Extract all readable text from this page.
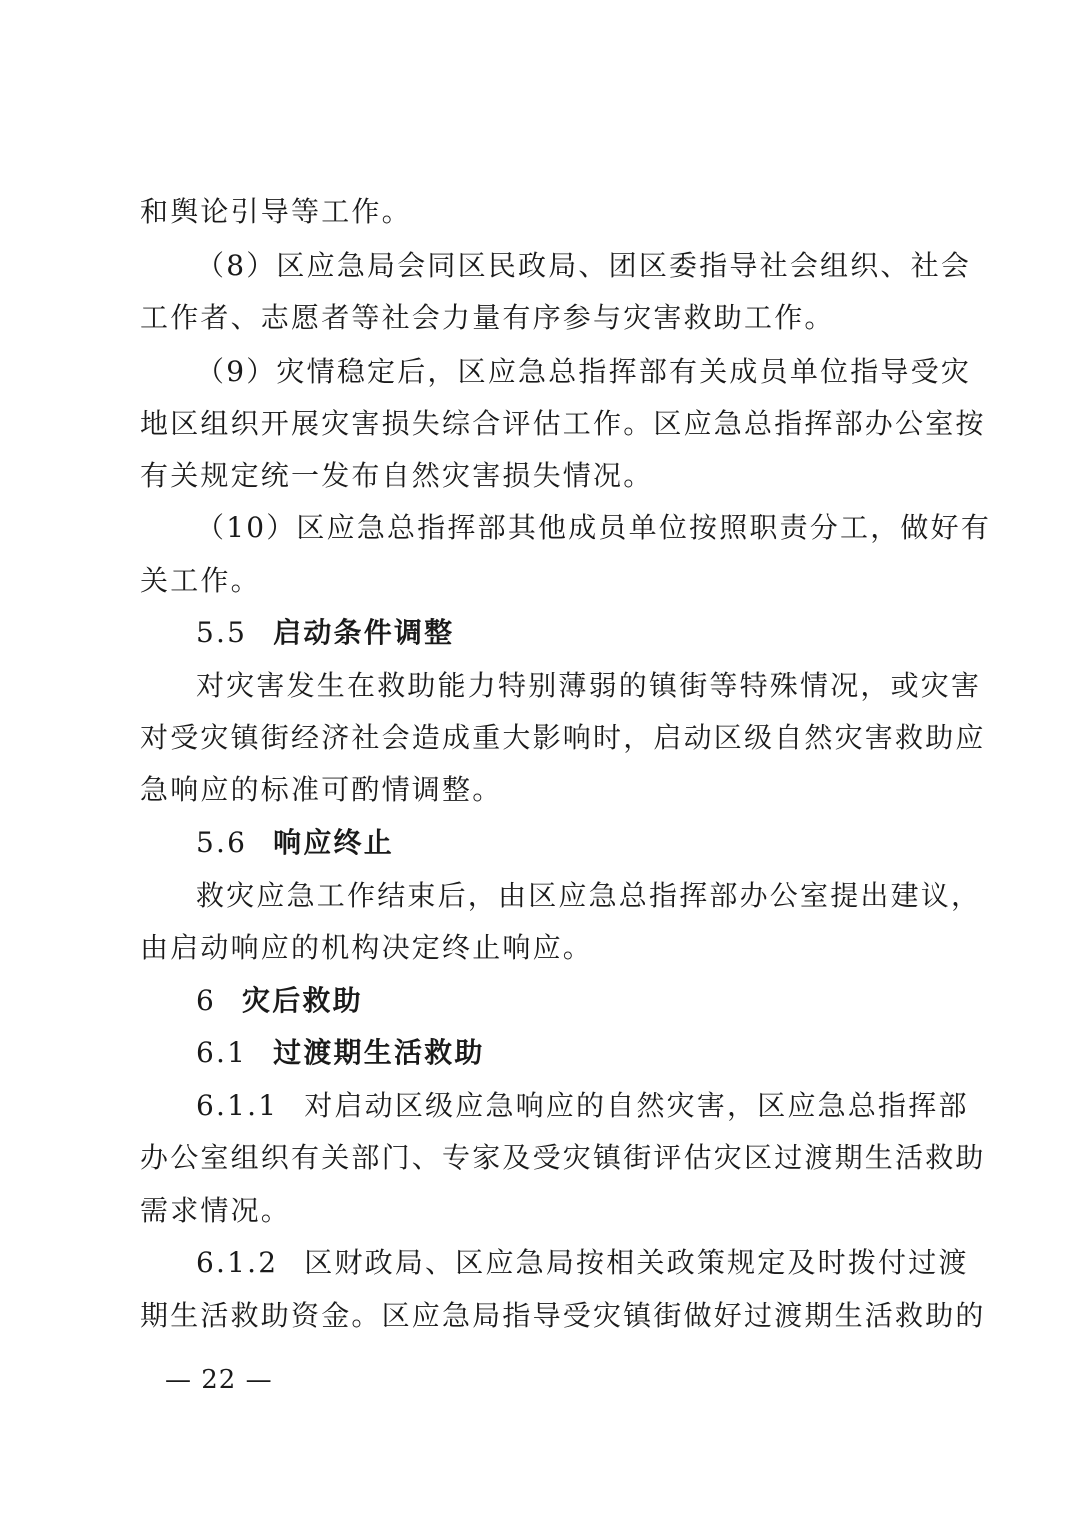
和舆论引导等工作。
（8）区应急局会同区民政局、团区委指导社会组织、社会
工作者、志愿者等社会力量有序参与灾害救助工作。
（9）灾情稳定后，区应急总指挥部有关成员单位指导受灾
地区组织开展灾害损失综合评估工作。区应急总指挥部办公室按
有关规定统一发布自然灾害损失情况。
（10）区应急总指挥部其他成员单位按照职责分工，做好有
关工作。
5.5 启动条件调整
对灾害发生在救助能力特别薄弱的镇街等特殊情况，或灾害
对受灾镇街经济社会造成重大影响时，启动区级自然灾害救助应
急响应的标准可酌情调整。
5.6 响应终止
救灾应急工作结束后，由区应急总指挥部办公室提出建议，
由启动响应的机构决定终止响应。
6 灾后救助
6.1 过渡期生活救助
6.1.1 对启动区级应急响应的自然灾害，区应急总指挥部
办公室组织有关部门、专家及受灾镇街评估灾区过渡期生活救助
需求情况。
6.1.2 区财政局、区应急局按相关政策规定及时拨付过渡
期生活救助资金。区应急局指导受灾镇街做好过渡期生活救助的
— 22 —
